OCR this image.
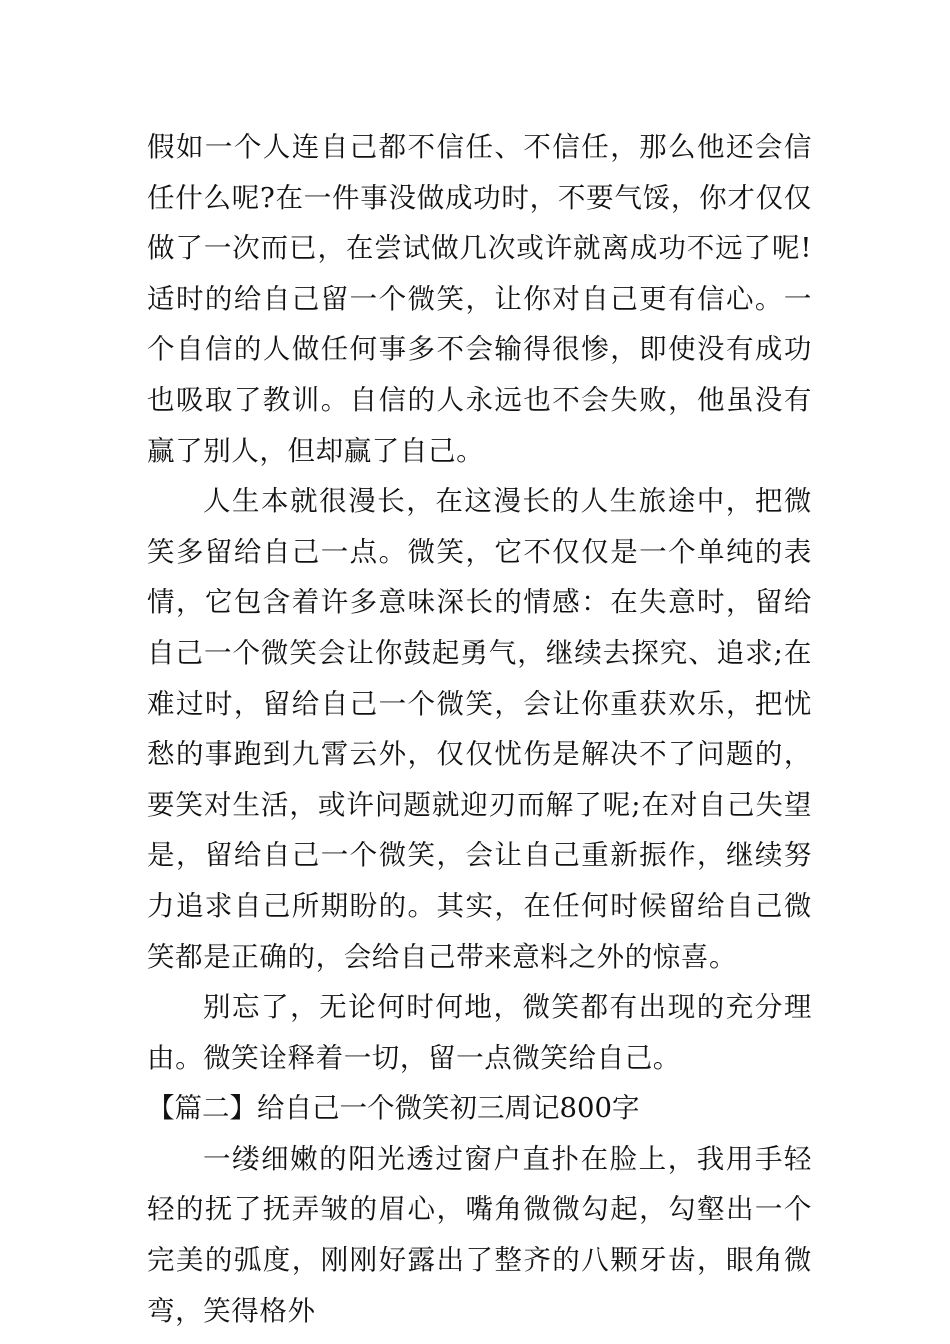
假如一个人连自己都不信任、不信任，那么他还会信任什么呢?在一件事没做成功时，不要气馁，你才仅仅做了一次而已，在尝试做几次或许就离成功不远了呢!适时的给自己留一个微笑，让你对自己更有信心。一个自信的人做任何事多不会输得很惨，即使没有成功也吸取了教训。自信的人永远也不会失败，他虽没有赢了别人，但却赢了自己。

人生本就很漫长，在这漫长的人生旅途中，把微笑多留给自己一点。微笑，它不仅仅是一个单纯的表情，它包含着许多意味深长的情感：在失意时，留给自己一个微笑会让你鼓起勇气，继续去探究、追求;在难过时，留给自己一个微笑，会让你重获欢乐，把忧愁的事跑到九霄云外，仅仅忧伤是解决不了问题的，要笑对生活，或许问题就迎刃而解了呢;在对自己失望是，留给自己一个微笑，会让自己重新振作，继续努力追求自己所期盼的。其实，在任何时候留给自己微笑都是正确的，会给自己带来意料之外的惊喜。

别忘了，无论何时何地，微笑都有出现的充分理由。微笑诠释着一切，留一点微笑给自己。

【篇二】给自己一个微笑初三周记800字

一缕细嫩的阳光透过窗户直扑在脸上，我用手轻轻的抚了抚弄皱的眉心，嘴角微微勾起，勾壑出一个完美的弧度，刚刚好露出了整齐的八颗牙齿，眼角微弯，笑得格外
